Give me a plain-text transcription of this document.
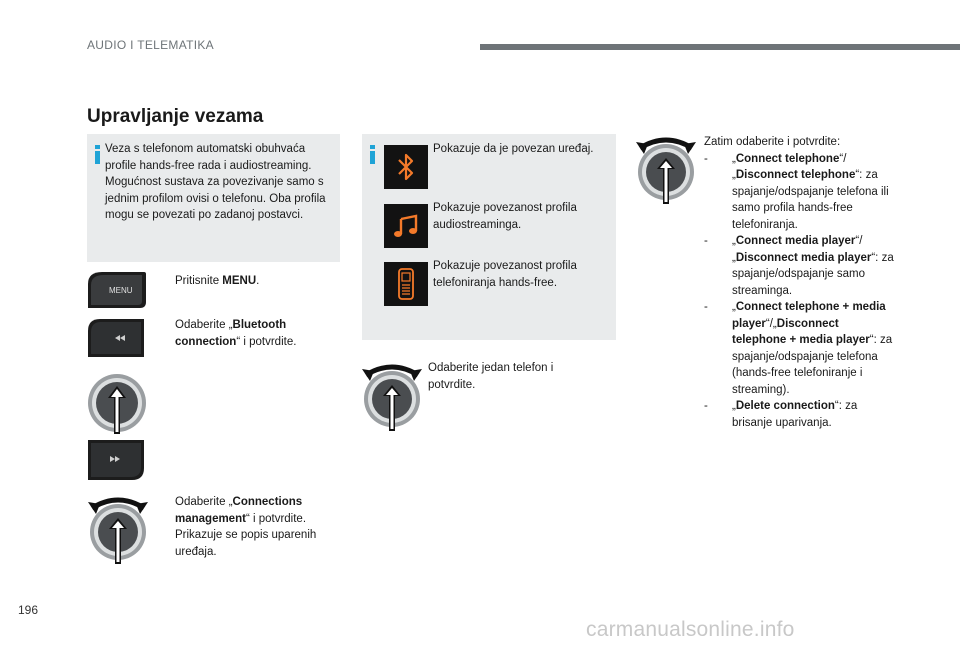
AUDIO I TELEMATIKA
Upravljanje vezama
Veza s telefonom automatski obuhvaća profile hands-free rada i audiostreaming. Mogućnost sustava za povezivanje samo s jednim profilom ovisi o telefonu. Oba profila mogu se povezati po zadanoj postavci.
MENU
Pritisnite MENU.
Odaberite „Bluetooth connection“ i potvrdite.
Odaberite „Connections management“ i potvrdite.
Prikazuje se popis uparenih uređaja.
Pokazuje da je povezan uređaj.
Pokazuje povezanost profila audiostreaminga.
Pokazuje povezanost profila telefoniranja hands-free.
Odaberite jedan telefon i potvrdite.
Zatim odaberite i potvrdite:
- „Connect telephone“/„Disconnect telephone“: za spajanje/odspajanje telefona ili samo profila hands-free telefoniranja.
- „Connect media player“/„Disconnect media player“: za spajanje/odspajanje samo streaminga.
- „Connect telephone + media player“/„Disconnect telephone + media player“: za spajanje/odspajanje telefona (hands-free telefoniranje i streaming).
- „Delete connection“: za brisanje uparivanja.
196
carmanualsonline.info
